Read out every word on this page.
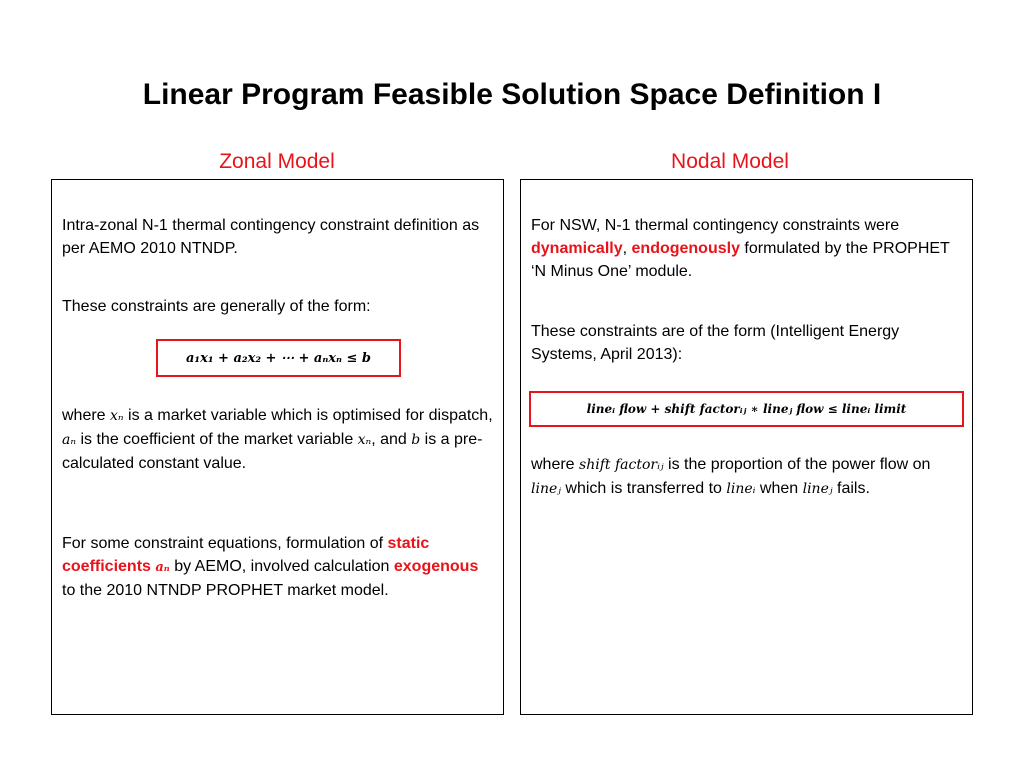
Linear Program Feasible Solution Space Definition I
Zonal Model

Intra-zonal N-1 thermal contingency constraint definition as per AEMO 2010 NTNDP.

These constraints are generally of the form:

a₁x₁ + a₂x₂ + ⋯ + aₙxₙ ≤ b

where xₙ is a market variable which is optimised for dispatch, aₙ is the coefficient of the market variable xₙ, and b is a pre-calculated constant value.

For some constraint equations, formulation of static coefficients aₙ by AEMO, involved calculation exogenous to the 2010 NTNDP PROPHET market model.

Nodal Model

For NSW, N-1 thermal contingency constraints were dynamically, endogenously formulated by the PROPHET ‘N Minus One’ module.

These constraints are of the form (Intelligent Energy Systems, April 2013):

lineᵢ flow + shift factorᵢⱼ ∗ lineⱼ flow ≤ lineᵢ limit

where shift factorᵢⱼ is the proportion of the power flow on lineⱼ which is transferred to lineᵢ when lineⱼ fails.
